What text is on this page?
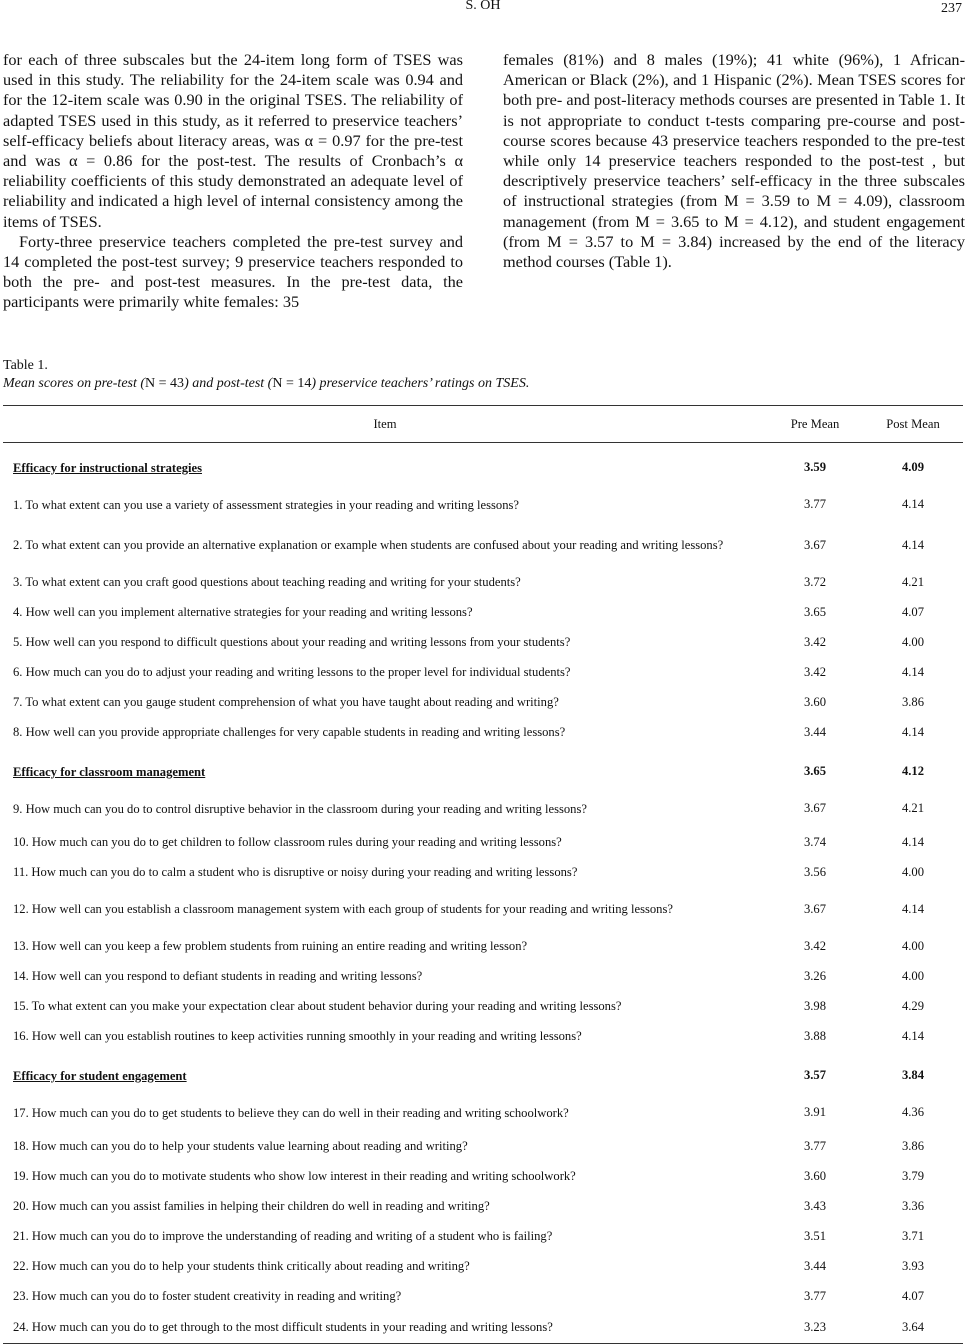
S. OH	237

for each of three subscales but the 24-item long form of TSES was used in this study. The reliability for the 24-item scale was 0.94 and for the 12-item scale was 0.90 in the original TSES. The reliability of adapted TSES used in this study, as it referred to preservice teachers’ self-efficacy beliefs about literacy areas, was α = 0.97 for the pre-test and was α = 0.86 for the post-test. The results of Cronbach’s α reliability coefficients of this study demonstrated an adequate level of reliability and indicated a high level of internal consistency among the items of TSES.

Forty-three preservice teachers completed the pre-test survey and 14 completed the post-test survey; 9 preservice teachers responded to both the pre- and post-test measures. In the pre-test data, the participants were primarily white females: 35

females (81%) and 8 males (19%); 41 white (96%), 1 African-American or Black (2%), and 1 Hispanic (2%). Mean TSES scores for both pre- and post-literacy methods courses are presented in Table 1. It is not appropriate to conduct t-tests comparing pre-course and post-course scores because 43 preservice teachers responded to the pre-test while only 14 preservice teachers responded to the post-test , but descriptively preservice teachers’ self-efficacy in the three subscales of instructional strategies (from M = 3.59 to M = 4.09), classroom management (from M = 3.65 to M = 4.12), and student engagement (from M = 3.57 to M = 3.84) increased by the end of the literacy method courses (Table 1).

Table 1.
Mean scores on pre-test (N = 43) and post-test (N = 14) preservice teachers’ ratings on TSES.
Item	Pre Mean	Post Mean
Efficacy for instructional strategies	3.59	4.09
1. To what extent can you use a variety of assessment strategies in your reading and writing lessons?	3.77	4.14
2. To what extent can you provide an alternative explanation or example when students are confused about your reading and writing lessons?	3.67	4.14
3. To what extent can you craft good questions about teaching reading and writing for your students?	3.72	4.21
4. How well can you implement alternative strategies for your reading and writing lessons?	3.65	4.07
5. How well can you respond to difficult questions about your reading and writing lessons from your students?	3.42	4.00
6. How much can you do to adjust your reading and writing lessons to the proper level for individual students?	3.42	4.14
7. To what extent can you gauge student comprehension of what you have taught about reading and writing?	3.60	3.86
8. How well can you provide appropriate challenges for very capable students in reading and writing lessons?	3.44	4.14
Efficacy for classroom management	3.65	4.12
9. How much can you do to control disruptive behavior in the classroom during your reading and writing lessons?	3.67	4.21
10. How much can you do to get children to follow classroom rules during your reading and writing lessons?	3.74	4.14
11. How much can you do to calm a student who is disruptive or noisy during your reading and writing lessons?	3.56	4.00
12. How well can you establish a classroom management system with each group of students for your reading and writing lessons?	3.67	4.14
13. How well can you keep a few problem students from ruining an entire reading and writing lesson?	3.42	4.00
14. How well can you respond to defiant students in reading and writing lessons?	3.26	4.00
15. To what extent can you make your expectation clear about student behavior during your reading and writing lessons?	3.98	4.29
16. How well can you establish routines to keep activities running smoothly in your reading and writing lessons?	3.88	4.14
Efficacy for student engagement	3.57	3.84
17. How much can you do to get students to believe they can do well in their reading and writing schoolwork?	3.91	4.36
18. How much can you do to help your students value learning about reading and writing?	3.77	3.86
19. How much can you do to motivate students who show low interest in their reading and writing schoolwork?	3.60	3.79
20. How much can you assist families in helping their children do well in reading and writing?	3.43	3.36
21. How much can you do to improve the understanding of reading and writing of a student who is failing?	3.51	3.71
22. How much can you do to help your students think critically about reading and writing?	3.44	3.93
23. How much can you do to foster student creativity in reading and writing?	3.77	4.07
24. How much can you do to get through to the most difficult students in your reading and writing lessons?	3.23	3.64
